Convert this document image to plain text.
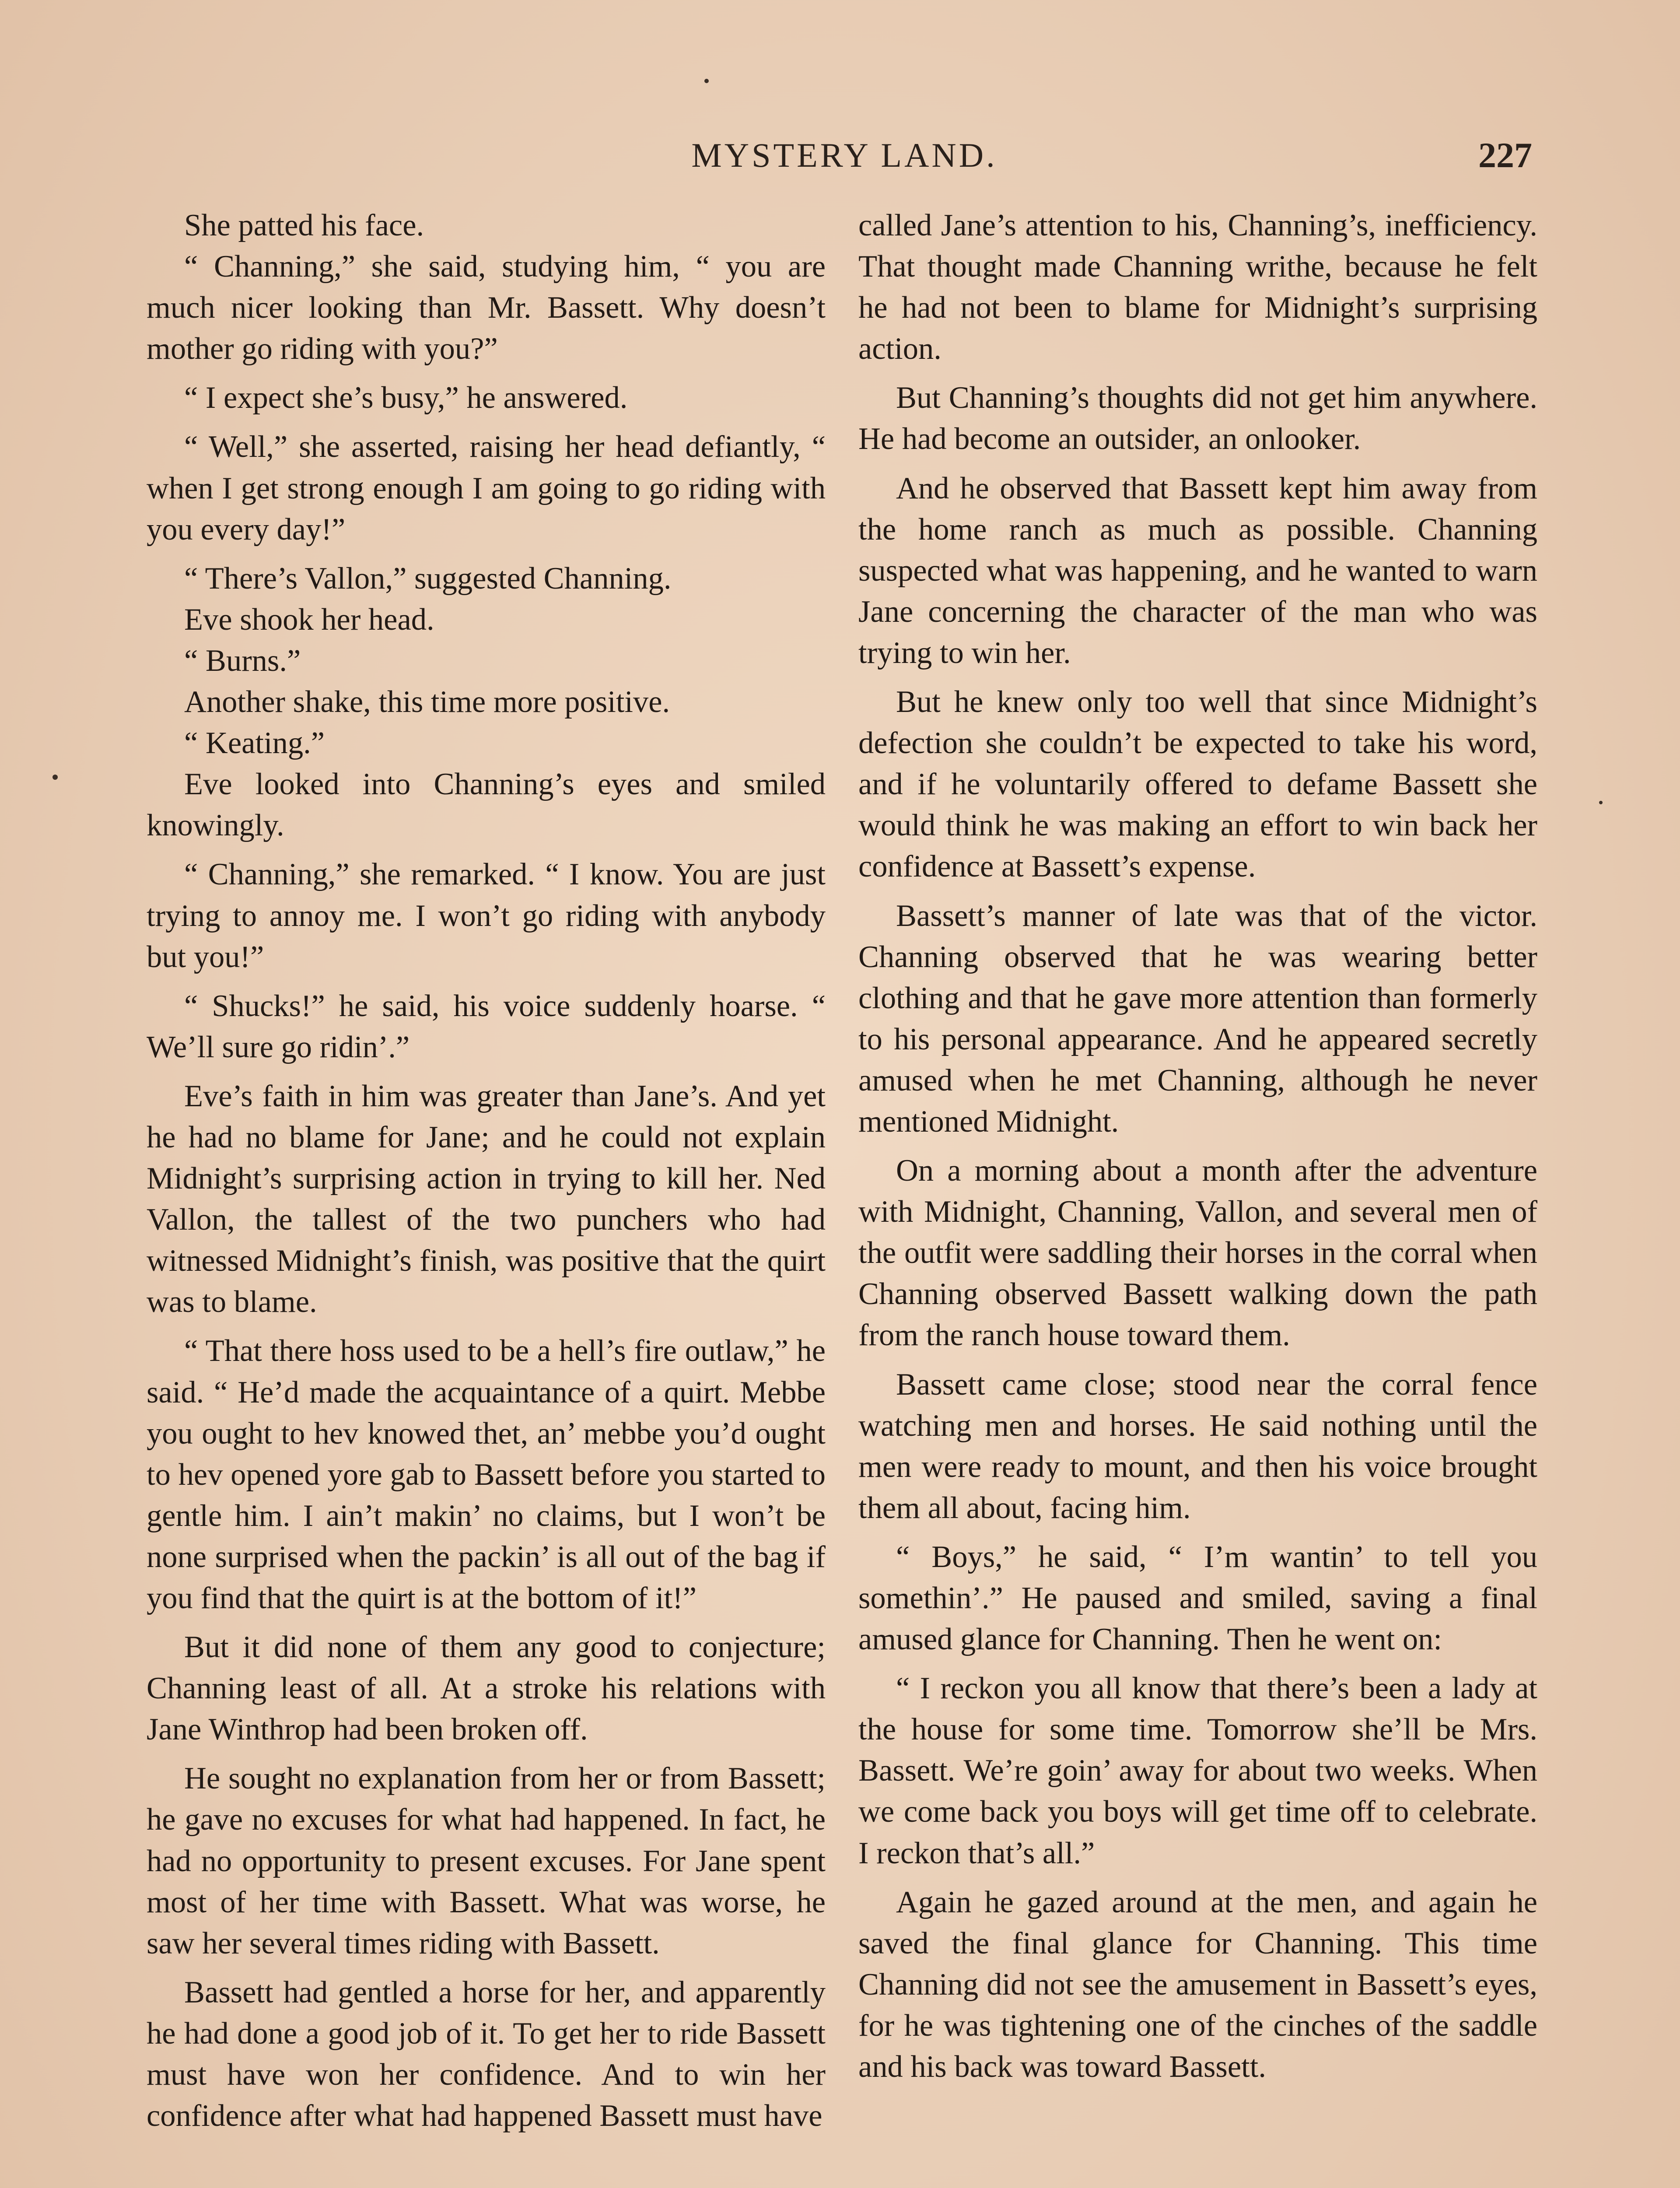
MYSTERY LAND.	227

She patted his face.

“ Channing,” she said, studying him, “ you are much nicer looking than Mr. Bassett. Why doesn’t mother go riding with you?”

“ I expect she’s busy,” he answered.

“ Well,” she asserted, raising her head defiantly, “ when I get strong enough I am going to go riding with you every day!”

“ There’s Vallon,” suggested Channing.

Eve shook her head.

“ Burns.”

Another shake, this time more positive.

“ Keating.”

Eve looked into Channing’s eyes and smiled knowingly.

“ Channing,” she remarked. “ I know. You are just trying to annoy me. I won’t go riding with anybody but you!”

“ Shucks!” he said, his voice suddenly hoarse. “ We’ll sure go ridin’.”

Eve’s faith in him was greater than Jane’s. And yet he had no blame for Jane; and he could not explain Midnight’s surprising action in trying to kill her. Ned Vallon, the tallest of the two punchers who had witnessed Midnight’s finish, was positive that the quirt was to blame.

“ That there hoss used to be a hell’s fire outlaw,” he said. “ He’d made the acquaintance of a quirt. Mebbe you ought to hev knowed thet, an’ mebbe you’d ought to hev opened yore gab to Bassett before you started to gentle him. I ain’t makin’ no claims, but I won’t be none surprised when the packin’ is all out of the bag if you find that the quirt is at the bottom of it!”

But it did none of them any good to conjecture; Channing least of all. At a stroke his relations with Jane Winthrop had been broken off.

He sought no explanation from her or from Bassett; he gave no excuses for what had happened. In fact, he had no opportunity to present excuses. For Jane spent most of her time with Bassett. What was worse, he saw her several times riding with Bassett.

Bassett had gentled a horse for her, and apparently he had done a good job of it. To get her to ride Bassett must have won her confidence. And to win her confidence after what had happened Bassett must have

called Jane’s attention to his, Channing’s, inefficiency. That thought made Channing writhe, because he felt he had not been to blame for Midnight’s surprising action.

But Channing’s thoughts did not get him anywhere. He had become an outsider, an onlooker.

And he observed that Bassett kept him away from the home ranch as much as possible. Channing suspected what was happening, and he wanted to warn Jane concerning the character of the man who was trying to win her.

But he knew only too well that since Midnight’s defection she couldn’t be expected to take his word, and if he voluntarily offered to defame Bassett she would think he was making an effort to win back her confidence at Bassett’s expense.

Bassett’s manner of late was that of the victor. Channing observed that he was wearing better clothing and that he gave more attention than formerly to his personal appearance. And he appeared secretly amused when he met Channing, although he never mentioned Midnight.

On a morning about a month after the adventure with Midnight, Channing, Vallon, and several men of the outfit were saddling their horses in the corral when Channing observed Bassett walking down the path from the ranch house toward them.

Bassett came close; stood near the corral fence watching men and horses. He said nothing until the men were ready to mount, and then his voice brought them all about, facing him.

“ Boys,” he said, “ I’m wantin’ to tell you somethin’.” He paused and smiled, saving a final amused glance for Channing. Then he went on:

“ I reckon you all know that there’s been a lady at the house for some time. Tomorrow she’ll be Mrs. Bassett. We’re goin’ away for about two weeks. When we come back you boys will get time off to celebrate. I reckon that’s all.”

Again he gazed around at the men, and again he saved the final glance for Channing. This time Channing did not see the amusement in Bassett’s eyes, for he was tightening one of the cinches of the saddle and his back was toward Bassett.
